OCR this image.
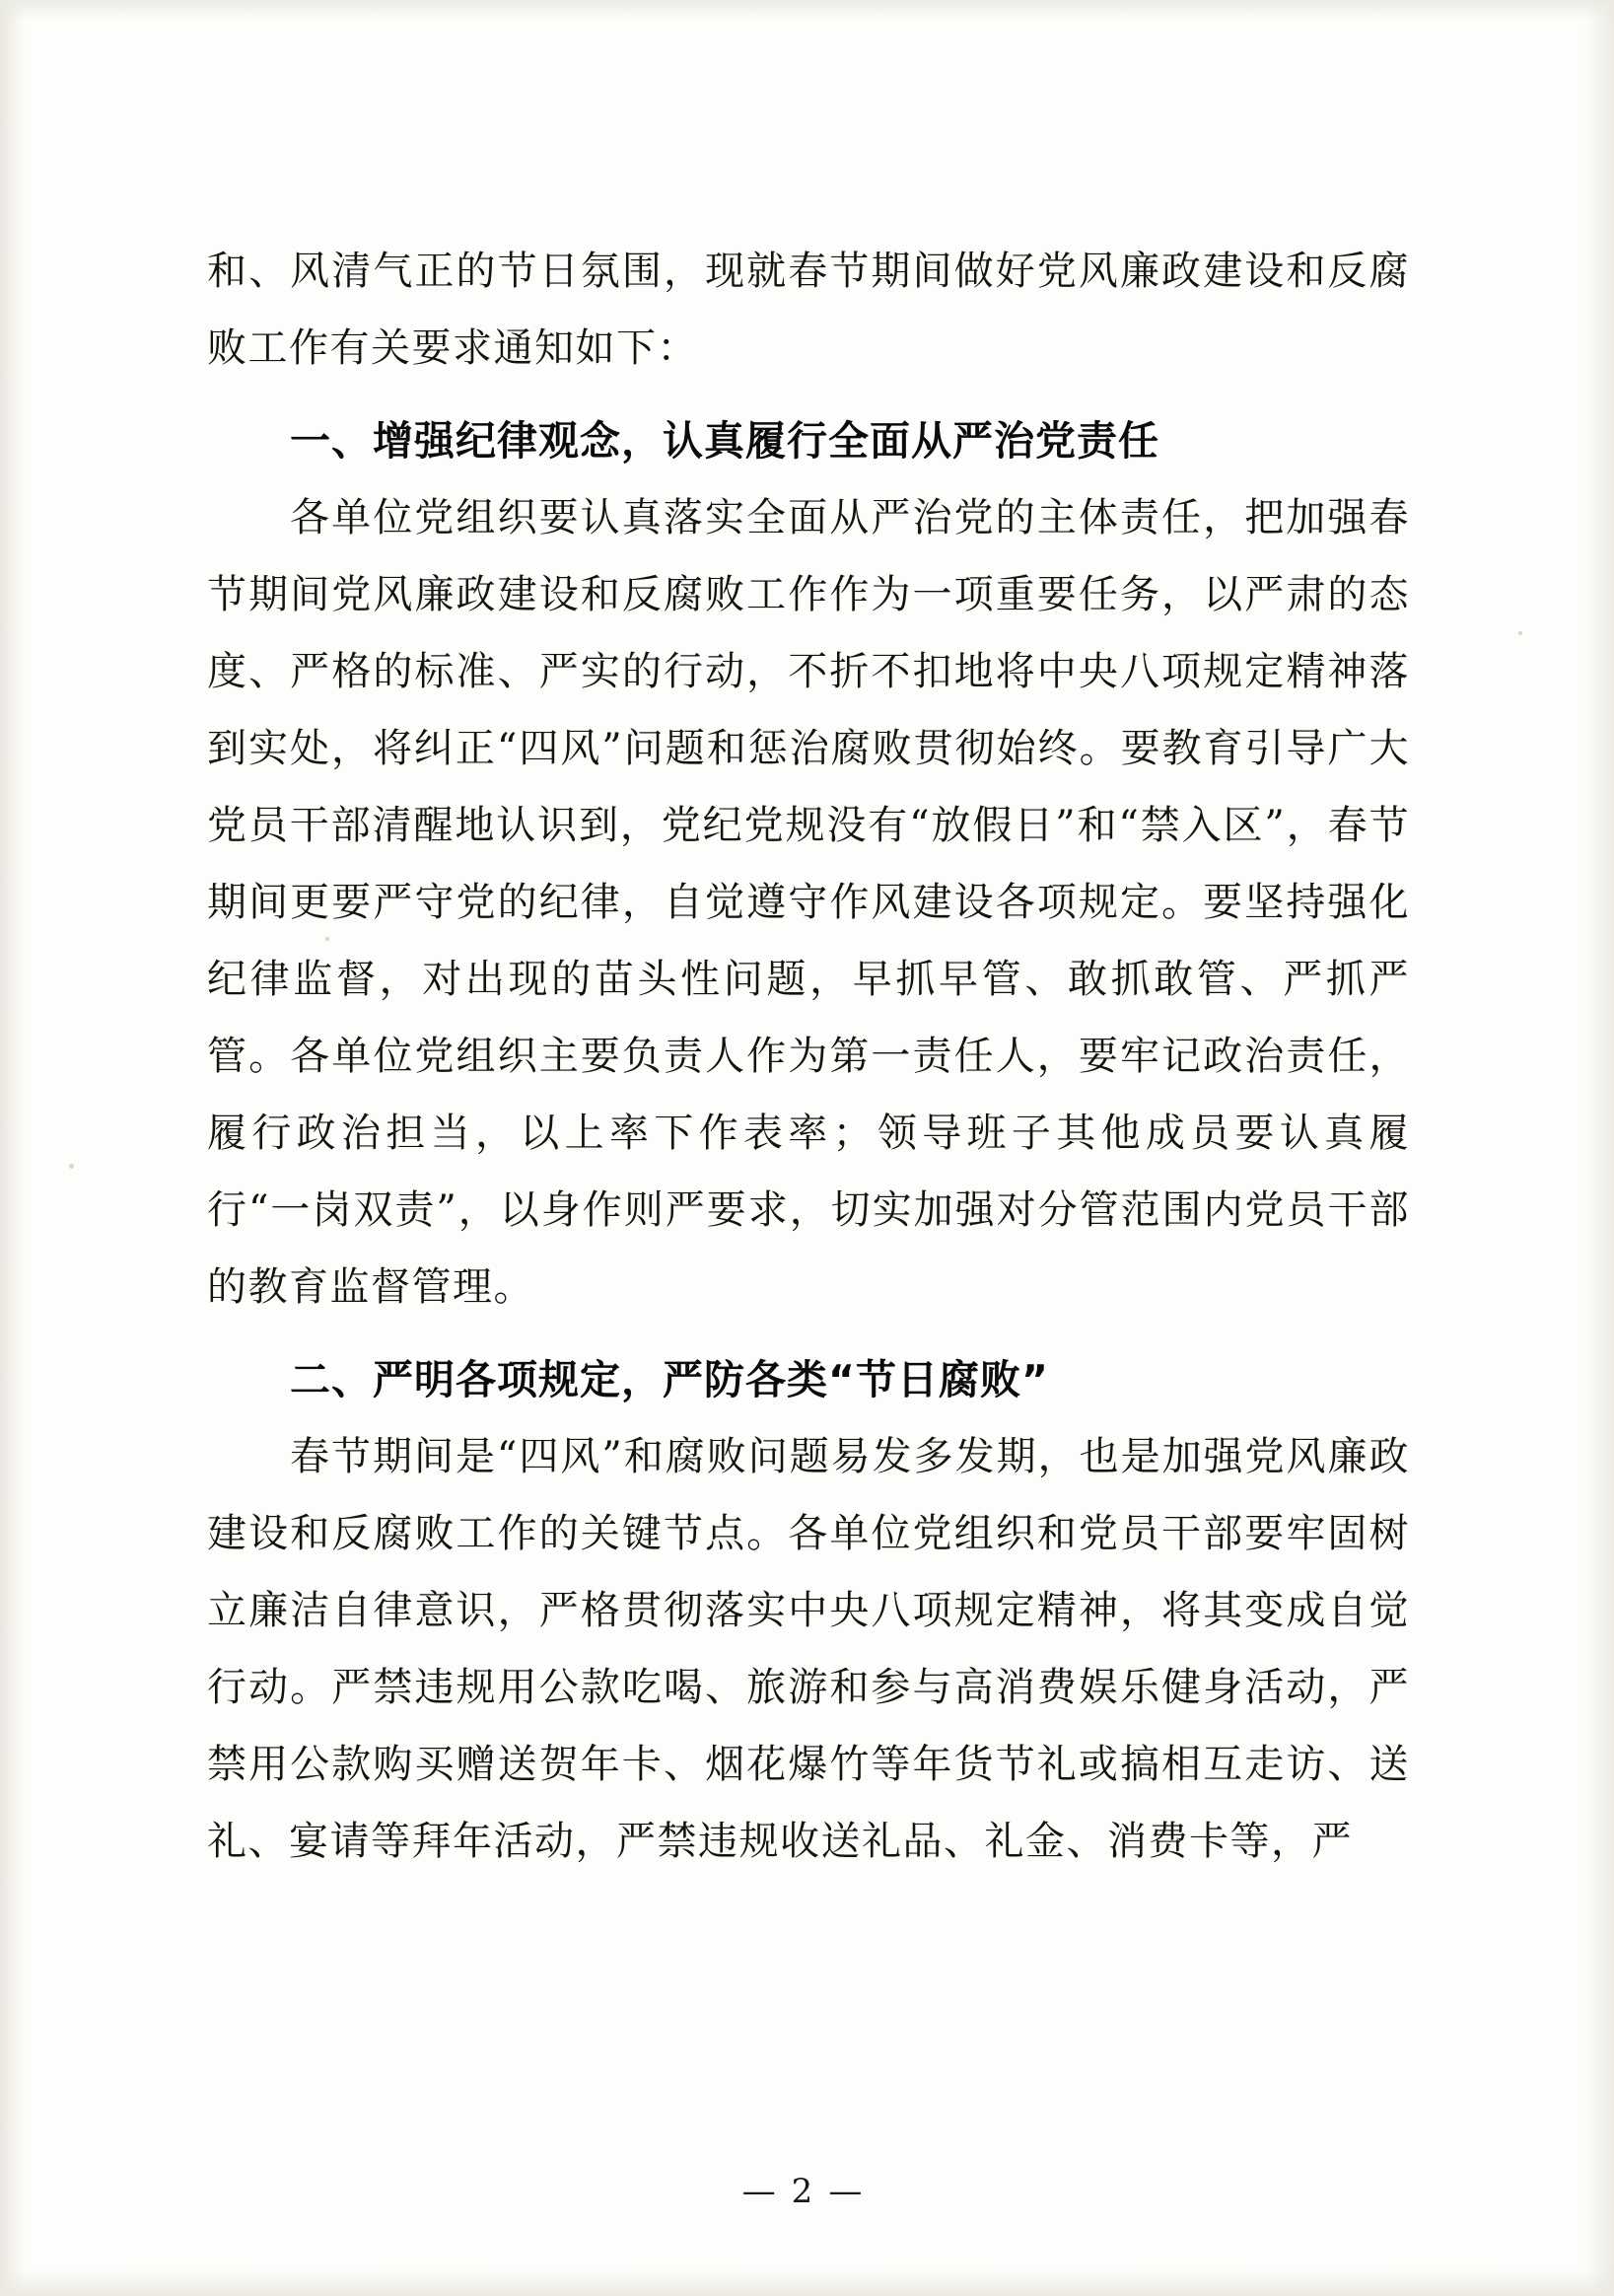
和、风清气正的节日氛围，现就春节期间做好党风廉政建设和反腐败工作有关要求通知如下：

一、增强纪律观念，认真履行全面从严治党责任

各单位党组织要认真落实全面从严治党的主体责任，把加强春节期间党风廉政建设和反腐败工作作为一项重要任务，以严肃的态度、严格的标准、严实的行动，不折不扣地将中央八项规定精神落到实处，将纠正“四风”问题和惩治腐败贯彻始终。要教育引导广大党员干部清醒地认识到，党纪党规没有“放假日”和“禁入区”，春节期间更要严守党的纪律，自觉遵守作风建设各项规定。要坚持强化纪律监督，对出现的苗头性问题，早抓早管、敢抓敢管、严抓严管。各单位党组织主要负责人作为第一责任人，要牢记政治责任，履行政治担当，以上率下作表率；领导班子其他成员要认真履行“一岗双责”，以身作则严要求，切实加强对分管范围内党员干部的教育监督管理。

二、严明各项规定，严防各类“节日腐败”

春节期间是“四风”和腐败问题易发多发期，也是加强党风廉政建设和反腐败工作的关键节点。各单位党组织和党员干部要牢固树立廉洁自律意识，严格贯彻落实中央八项规定精神，将其变成自觉行动。严禁违规用公款吃喝、旅游和参与高消费娱乐健身活动，严禁用公款购买赠送贺年卡、烟花爆竹等年货节礼或搞相互走访、送礼、宴请等拜年活动，严禁违规收送礼品、礼金、消费卡等，严

— 2 —
